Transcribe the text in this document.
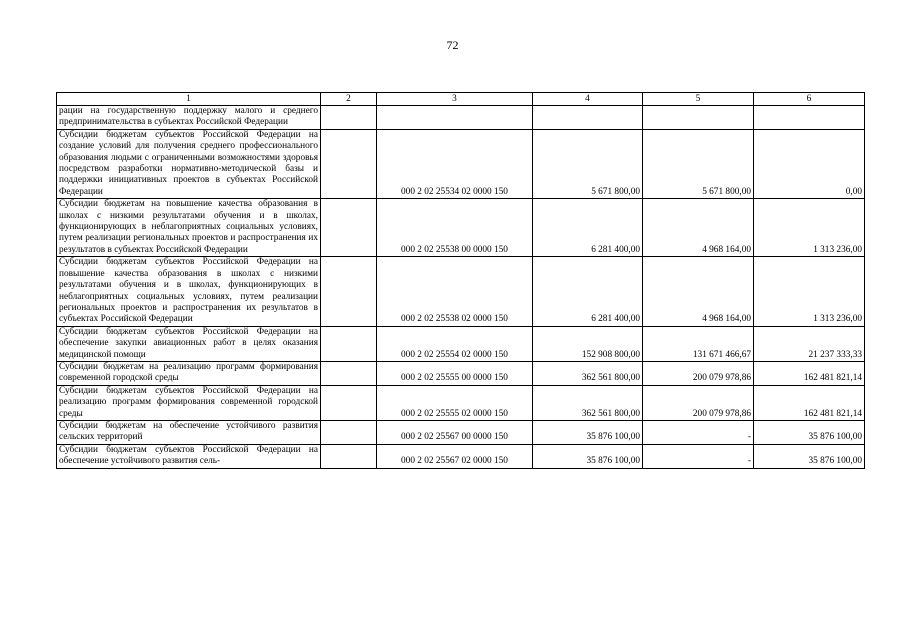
72
1	2	3	4	5	6
рации на государственную поддержку малого и среднего предпринимательства в субъектах Российской Федерации					
Субсидии бюджетам субъектов Российской Федерации на создание условий для получения среднего профессионального образования людьми с ограниченными возможностями здоровья посредством разработки нормативно-методической базы и поддержки инициативных проектов в субъектах Российской Федерации		000 2 02 25534 02 0000 150	5 671 800,00	5 671 800,00	0,00
Субсидии бюджетам на повышение качества образования в школах с низкими результатами обучения и в школах, функционирующих в неблагоприятных социальных условиях, путем реализации региональных проектов и распространения их результатов в субъектах Российской Федерации		000 2 02 25538 00 0000 150	6 281 400,00	4 968 164,00	1 313 236,00
Субсидии бюджетам субъектов Российской Федерации на повышение качества образования в школах с низкими результатами обучения и в школах, функционирующих в неблагоприятных социальных условиях, путем реализации региональных проектов и распространения их результатов в субъектах Российской Федерации		000 2 02 25538 02 0000 150	6 281 400,00	4 968 164,00	1 313 236,00
Субсидии бюджетам субъектов Российской Федерации на обеспечение закупки авиационных работ в целях оказания медицинской помощи		000 2 02 25554 02 0000 150	152 908 800,00	131 671 466,67	21 237 333,33
Субсидии бюджетам на реализацию программ формирования современной городской среды		000 2 02 25555 00 0000 150	362 561 800,00	200 079 978,86	162 481 821,14
Субсидии бюджетам субъектов Российской Федерации на реализацию программ формирования современной городской среды		000 2 02 25555 02 0000 150	362 561 800,00	200 079 978,86	162 481 821,14
Субсидии бюджетам на обеспечение устойчивого развития сельских территорий		000 2 02 25567 00 0000 150	35 876 100,00	-	35 876 100,00
Субсидии бюджетам субъектов Российской Федерации на обеспечение устойчивого развития сель-		000 2 02 25567 02 0000 150	35 876 100,00	-	35 876 100,00
